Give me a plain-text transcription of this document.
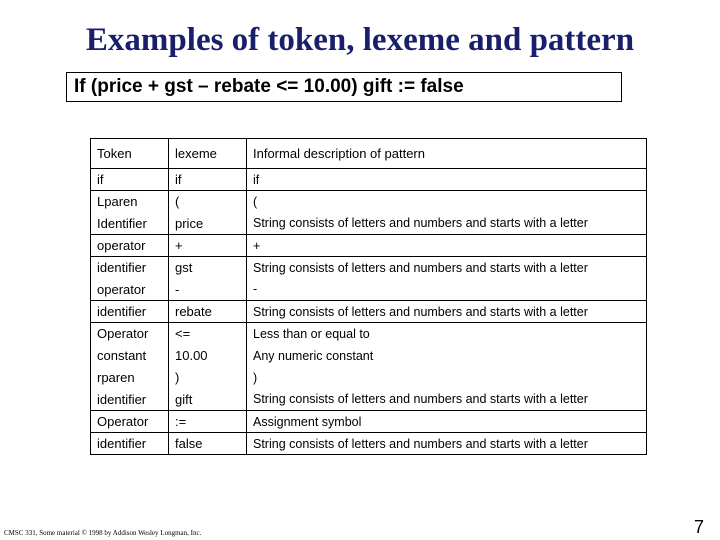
Examples of token, lexeme and pattern
If (price + gst – rebate <= 10.00) gift := false
Token	lexeme	Informal description of pattern
if	if	if
Lparen	(	(
Identifier	price	String consists of letters and numbers and starts with a letter
operator	+	+
identifier	gst	String consists of letters and numbers and starts with a letter
operator	-	-
identifier	rebate	String consists of letters and numbers and starts with a letter
Operator	<=	Less than or equal to
constant	10.00	Any numeric constant
rparen	)	)
identifier	gift	String consists of letters and numbers and starts with a letter
Operator	:=	Assignment symbol
identifier	false	String consists of letters and numbers and starts with a letter
CMSC 331, Some material © 1998 by Addison Wesley Longman, Inc.	7
